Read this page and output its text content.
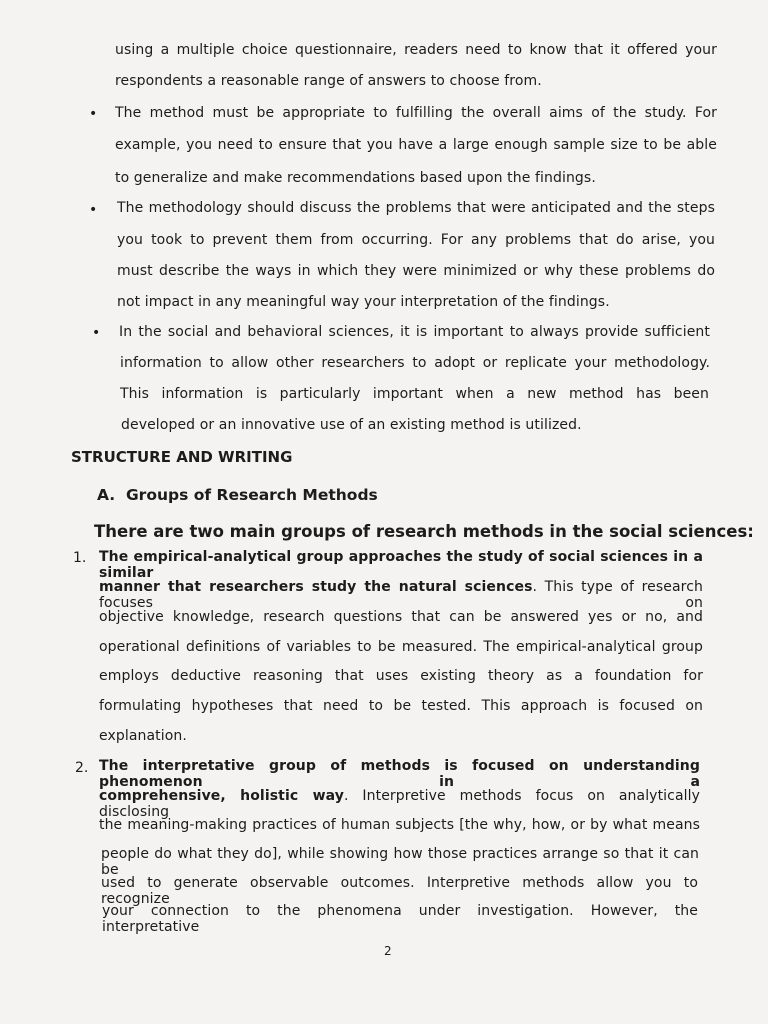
using a multiple choice questionnaire, readers need to know that it offered your
respondents a reasonable range of answers to choose from.
• The method must be appropriate to fulfilling the overall aims of the study. For
example, you need to ensure that you have a large enough sample size to be able
to generalize and make recommendations based upon the findings.
• The methodology should discuss the problems that were anticipated and the steps
you took to prevent them from occurring. For any problems that do arise, you
must describe the ways in which they were minimized or why these problems do
not impact in any meaningful way your interpretation of the findings.
• In the social and behavioral sciences, it is important to always provide sufficient
information to allow other researchers to adopt or replicate your methodology.
This information is particularly important when a new method has been
developed or an innovative use of an existing method is utilized.
STRUCTURE AND WRITING
A.  Groups of Research Methods
There are two main groups of research methods in the social sciences:
1. The empirical-analytical group approaches the study of social sciences in a similar
manner that researchers study the natural sciences. This type of research focuses on
objective knowledge, research questions that can be answered yes or no, and
operational definitions of variables to be measured. The empirical-analytical group
employs deductive reasoning that uses existing theory as a foundation for
formulating hypotheses that need to be tested. This approach is focused on
explanation.
2. The interpretative group of methods is focused on understanding phenomenon in a
comprehensive, holistic way. Interpretive methods focus on analytically disclosing
the meaning-making practices of human subjects [the why, how, or by what means
people do what they do], while showing how those practices arrange so that it can be
used to generate observable outcomes. Interpretive methods allow you to recognize
your connection to the phenomena under investigation. However, the interpretative
2
